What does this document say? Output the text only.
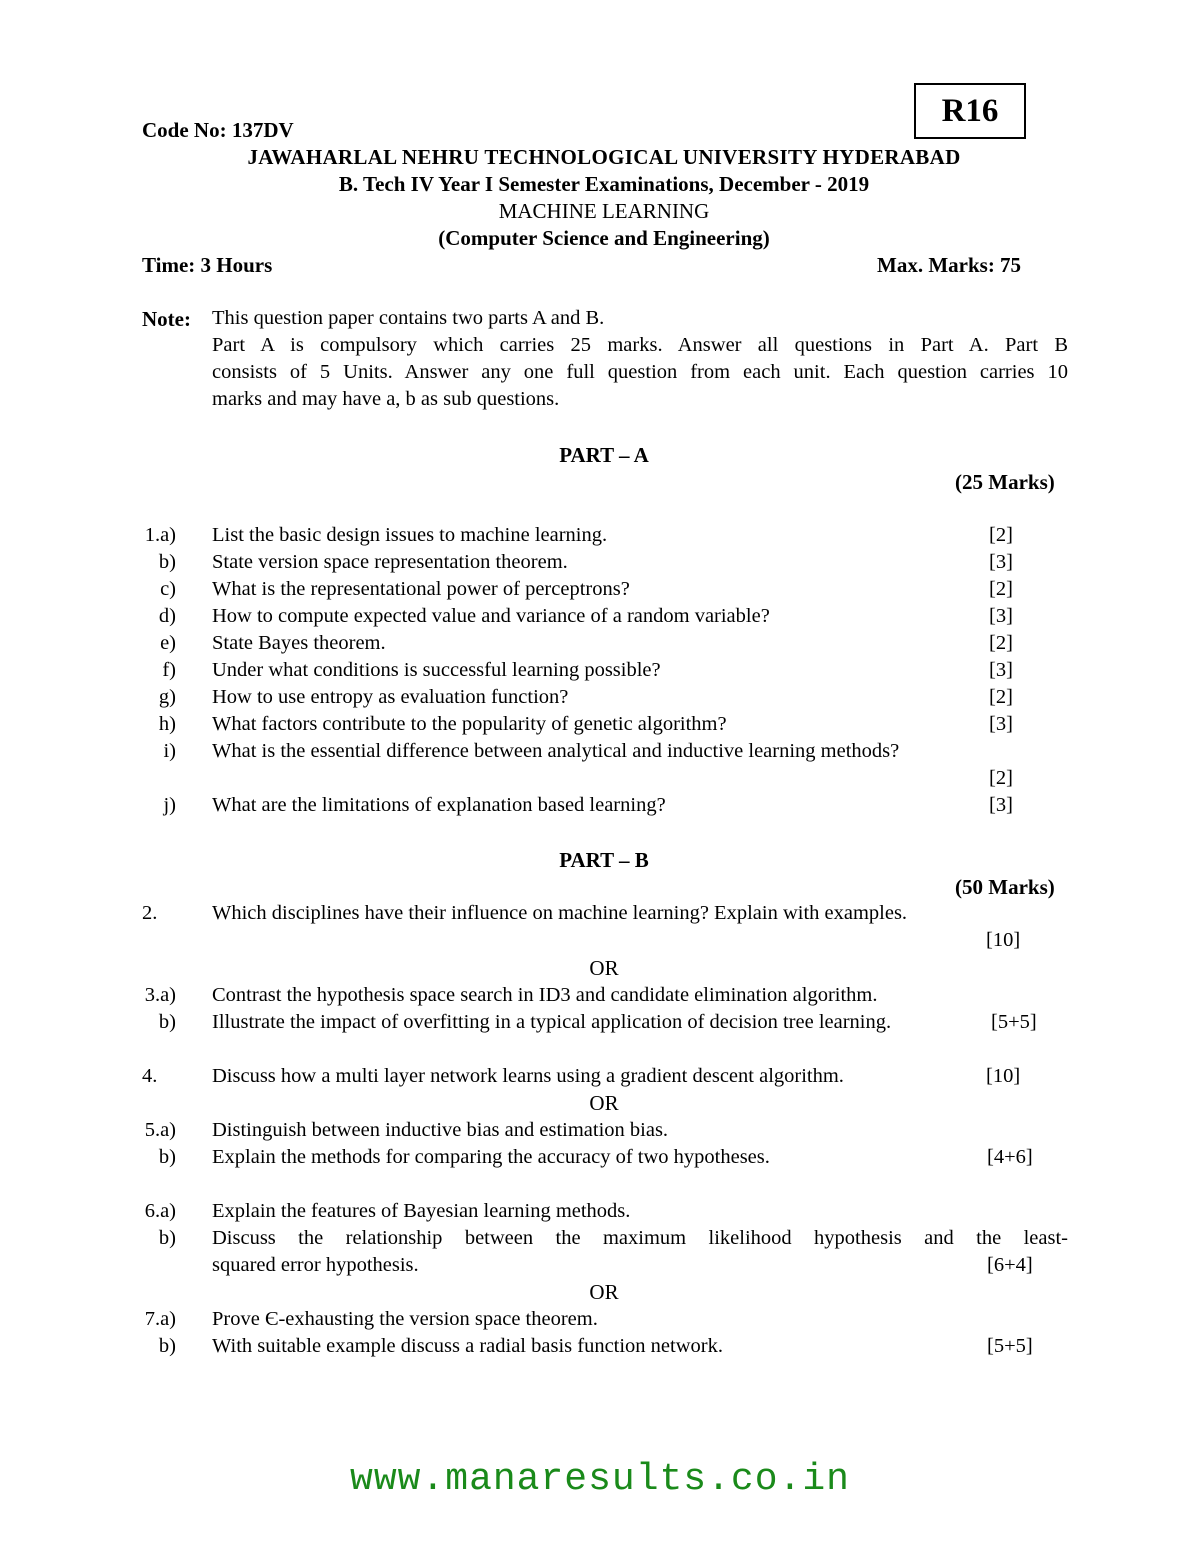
R16
Code No: 137DV
JAWAHARLAL NEHRU TECHNOLOGICAL UNIVERSITY HYDERABAD
B. Tech IV Year I Semester Examinations, December - 2019
MACHINE LEARNING
(Computer Science and Engineering)
Time: 3 Hours	Max. Marks: 75
Note: This question paper contains two parts A and B.
Part A is compulsory which carries 25 marks. Answer all questions in Part A. Part B
consists of 5 Units. Answer any one full question from each unit. Each question carries 10
marks and may have a, b as sub questions.
PART – A
(25 Marks)
1.a) List the basic design issues to machine learning.	[2]
b) State version space representation theorem.	[3]
c) What is the representational power of perceptrons?	[2]
d) How to compute expected value and variance of a random variable?	[3]
e) State Bayes theorem.	[2]
f) Under what conditions is successful learning possible?	[3]
g) How to use entropy as evaluation function?	[2]
h) What factors contribute to the popularity of genetic algorithm?	[3]
i) What is the essential difference between analytical and inductive learning methods?
[2]
j) What are the limitations of explanation based learning?	[3]
PART – B
(50 Marks)
2.	Which disciplines have their influence on machine learning? Explain with examples.
[10]
OR
3.a) Contrast the hypothesis space search in ID3 and candidate elimination algorithm.
b) Illustrate the impact of overfitting in a typical application of decision tree learning.	[5+5]
4.	Discuss how a multi layer network learns using a gradient descent algorithm.	[10]
OR
5.a) Distinguish between inductive bias and estimation bias.
b) Explain the methods for comparing the accuracy of two hypotheses.	[4+6]
6.a) Explain the features of Bayesian learning methods.
b) Discuss the relationship between the maximum likelihood hypothesis and the least-
squared error hypothesis.	[6+4]
OR
7.a) Prove Є-exhausting the version space theorem.
b) With suitable example discuss a radial basis function network.	[5+5]
www.manaresults.co.in
